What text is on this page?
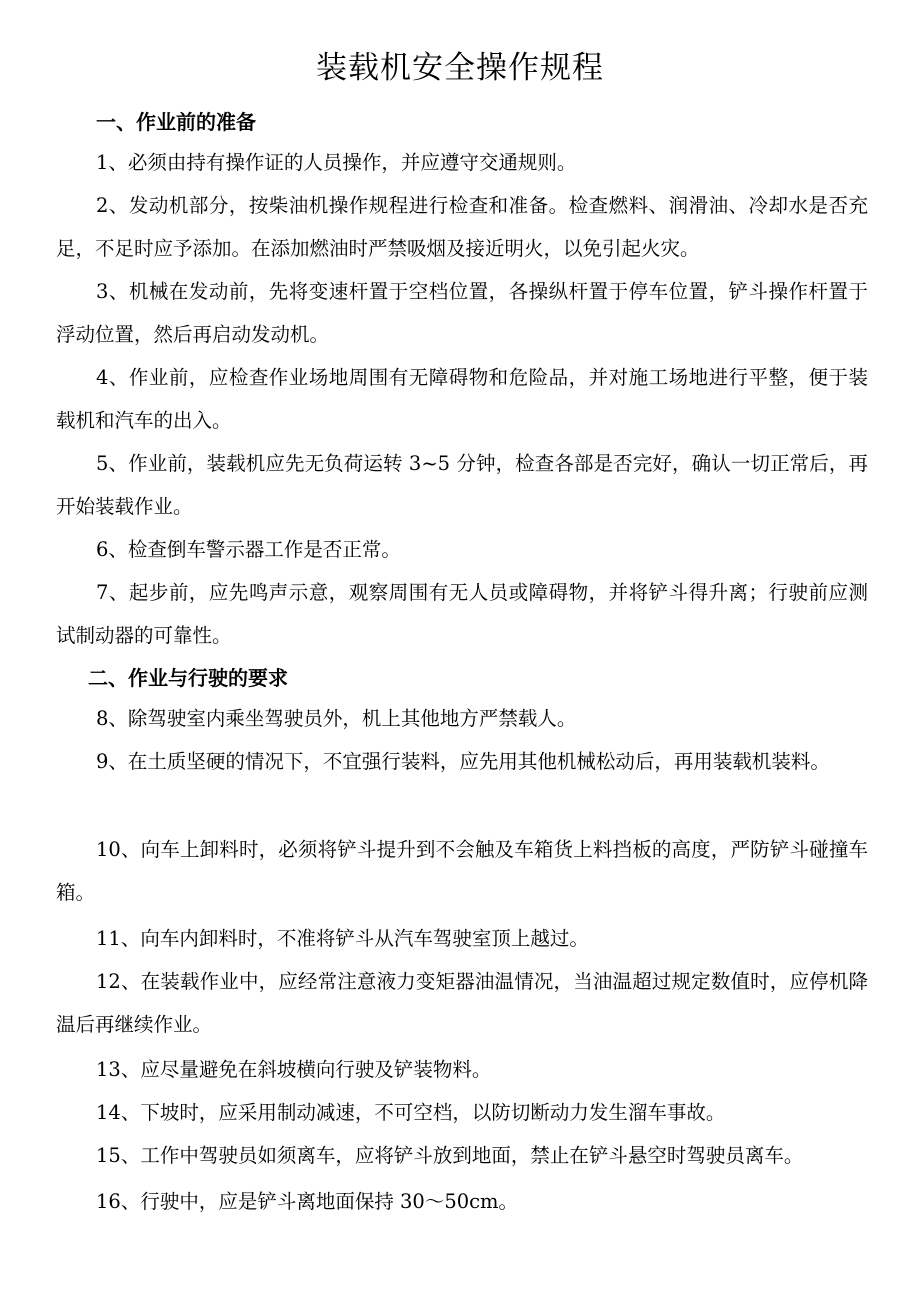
装载机安全操作规程
一、作业前的准备

1、必须由持有操作证的人员操作，并应遵守交通规则。

2、发动机部分，按柴油机操作规程进行检查和准备。检查燃料、润滑油、冷却水是否充足，不足时应予添加。在添加燃油时严禁吸烟及接近明火，以免引起火灾。

3、机械在发动前，先将变速杆置于空档位置，各操纵杆置于停车位置，铲斗操作杆置于浮动位置，然后再启动发动机。

4、作业前，应检查作业场地周围有无障碍物和危险品，并对施工场地进行平整，便于装载机和汽车的出入。

5、作业前，装载机应先无负荷运转 3~5 分钟，检查各部是否完好，确认一切正常后，再开始装载作业。

6、检查倒车警示器工作是否正常。

7、起步前，应先鸣声示意，观察周围有无人员或障碍物，并将铲斗得升离；行驶前应测试制动器的可靠性。

二、作业与行驶的要求

8、除驾驶室内乘坐驾驶员外，机上其他地方严禁载人。

9、在土质坚硬的情况下，不宜强行装料，应先用其他机械松动后，再用装载机装料。

10、向车上卸料时，必须将铲斗提升到不会触及车箱货上料挡板的高度，严防铲斗碰撞车箱。

11、向车内卸料时，不准将铲斗从汽车驾驶室顶上越过。

12、在装载作业中，应经常注意液力变矩器油温情况，当油温超过规定数值时，应停机降温后再继续作业。

13、应尽量避免在斜坡横向行驶及铲装物料。

14、下坡时，应采用制动减速，不可空档，以防切断动力发生溜车事故。

15、工作中驾驶员如须离车，应将铲斗放到地面，禁止在铲斗悬空时驾驶员离车。

16、行驶中，应是铲斗离地面保持 30～50cm。
